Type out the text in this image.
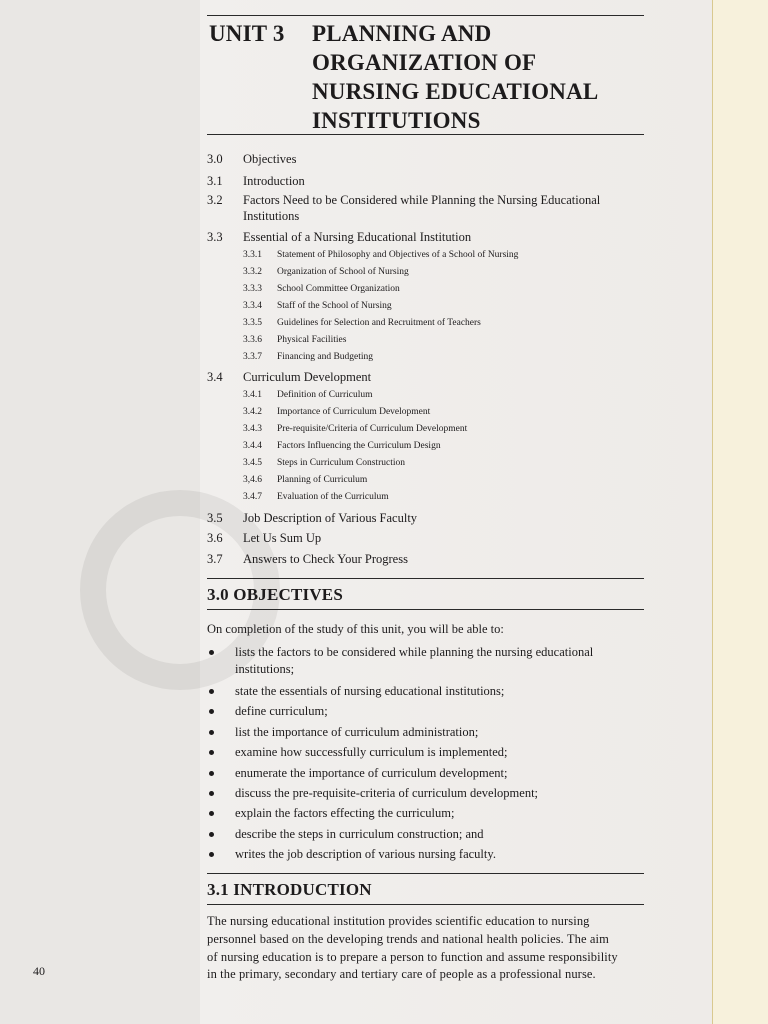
UNIT 3 PLANNING AND
ORGANIZATION OF
NURSING EDUCATIONAL
INSTITUTIONS
3.0 Objectives
3.1 Introduction
3.2 Factors Need to be Considered while Planning the Nursing Educational
Institutions
3.3 Essential of a Nursing Educational Institution
3.3.1 Statement of Philosophy and Objectives of a School of Nursing
3.3.2 Organization of School of Nursing
3.3.3 School Committee Organization
3.3.4 Staff of the School of Nursing
3.3.5 Guidelines for Selection and Recruitment of Teachers
3.3.6 Physical Facilities
3.3.7 Financing and Budgeting
3.4 Curriculum Development
3.4.1 Definition of Curriculum
3.4.2 Importance of Curriculum Development
3.4.3 Pre-requisite/Criteria of Curriculum Development
3.4.4 Factors Influencing the Curriculum Design
3.4.5 Steps in Curriculum Construction
3,4.6 Planning of Curriculum
3.4.7 Evaluation of the Curriculum
3.5 Job Description of Various Faculty
3.6 Let Us Sum Up
3.7 Answers to Check Your Progress
3.0 OBJECTIVES
On completion of the study of this unit, you will be able to:
lists the factors to be considered while planning the nursing educational
institutions;
state the essentials of nursing educational institutions;
define curriculum;
list the importance of curriculum administration;
examine how successfully curriculum is implemented;
enumerate the importance of curriculum development;
discuss the pre-requisite-criteria of curriculum development;
explain the factors effecting the curriculum;
describe the steps in curriculum construction; and
writes the job description of various nursing faculty.
3.1 INTRODUCTION
The nursing educational institution provides scientific education to nursing
personnel based on the developing trends and national health policies. The aim
of nursing education is to prepare a person to function and assume responsibility
in the primary, secondary and tertiary care of people as a professional nurse.
40
